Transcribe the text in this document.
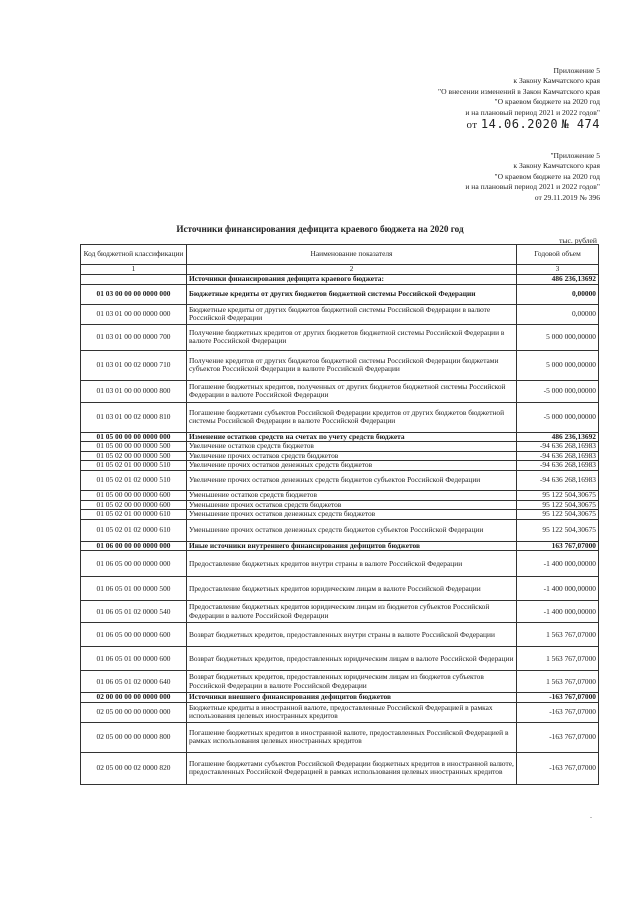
Приложение 5
к Закону Камчатского края
"О внесении изменений в Закон Камчатского края
"О краевом бюджете на 2020 год
и на плановый период 2021 и 2022 годов"
от 14.06.2020 № 474
"Приложение 5
к Закону Камчатского края
"О краевом бюджете на 2020 год
и на плановый период 2021 и 2022 годов"
от 29.11.2019 № 396
Источники финансирования дефицита краевого бюджета на 2020 год
тыс. рублей
Код бюджетной классификации	Наименование показателя	Годовой объем
1	2	3
	Источники финансирования дефицита краевого бюджета:	486 236,13692
01 03 00 00 00 0000 000	Бюджетные кредиты от других бюджетов бюджетной системы Российской Федерации	0,00000
01 03 01 00 00 0000 000	Бюджетные кредиты от других бюджетов бюджетной системы Российской Федерации в валюте Российской Федерации	0,00000
01 03 01 00 00 0000 700	Получение бюджетных кредитов от других бюджетов бюджетной системы Российской Федерации в валюте Российской Федерации	5 000 000,00000
01 03 01 00 02 0000 710	Получение кредитов от других бюджетов бюджетной системы Российской Федерации бюджетами субъектов Российской Федерации в валюте Российской Федерации	5 000 000,00000
01 03 01 00 00 0000 800	Погашение бюджетных кредитов, полученных от других бюджетов бюджетной системы Российской Федерации в валюте Российской Федерации	-5 000 000,00000
01 03 01 00 02 0000 810	Погашение бюджетами субъектов Российской Федерации кредитов от других бюджетов бюджетной системы Российской Федерации в валюте Российской Федерации	-5 000 000,00000
01 05 00 00 00 0000 000	Изменение остатков средств на счетах по учету средств бюджета	486 236,13692
01 05 00 00 00 0000 500	Увеличение остатков средств бюджетов	-94 636 268,16983
01 05 02 00 00 0000 500	Увеличение прочих остатков средств бюджетов	-94 636 268,16983
01 05 02 01 00 0000 510	Увеличение прочих остатков денежных средств бюджетов	-94 636 268,16983
01 05 02 01 02 0000 510	Увеличение прочих остатков денежных средств бюджетов субъектов Российской Федерации	-94 636 268,16983
01 05 00 00 00 0000 600	Уменьшение остатков средств бюджетов	95 122 504,30675
01 05 02 00 00 0000 600	Уменьшение прочих остатков средств бюджетов	95 122 504,30675
01 05 02 01 00 0000 610	Уменьшение прочих остатков денежных средств бюджетов	95 122 504,30675
01 05 02 01 02 0000 610	Уменьшение прочих остатков денежных средств бюджетов субъектов Российской Федерации	95 122 504,30675
01 06 00 00 00 0000 000	Иные источники внутреннего финансирования дефицитов бюджетов	163 767,07000
01 06 05 00 00 0000 000	Предоставление бюджетных кредитов внутри страны в валюте Российской Федерации	-1 400 000,00000
01 06 05 01 00 0000 500	Предоставление бюджетных кредитов юридическим лицам в валюте Российской Федерации	-1 400 000,00000
01 06 05 01 02 0000 540	Предоставление бюджетных кредитов юридическим лицам из бюджетов субъектов Российской Федерации в валюте Российской Федерации	-1 400 000,00000
01 06 05 00 00 0000 600	Возврат бюджетных кредитов, предоставленных внутри страны в валюте Российской Федерации	1 563 767,07000
01 06 05 01 00 0000 600	Возврат бюджетных кредитов, предоставленных юридическим лицам в валюте Российской Федерации	1 563 767,07000
01 06 05 01 02 0000 640	Возврат бюджетных кредитов, предоставленных юридическим лицам из бюджетов субъектов Российской Федерации в валюте Российской Федерации	1 563 767,07000
02 00 00 00 00 0000 000	Источники внешнего финансирования дефицитов бюджетов	-163 767,07000
02 05 00 00 00 0000 000	Бюджетные кредиты в иностранной валюте, предоставленные Российской Федерацией в рамках использования целевых иностранных кредитов	-163 767,07000
02 05 00 00 00 0000 800	Погашение бюджетных кредитов в иностранной валюте, предоставленных Российской Федерацией в рамках использования целевых иностранных кредитов	-163 767,07000
02 05 00 00 02 0000 820	Погашение бюджетами субъектов Российской Федерации бюджетных кредитов в иностранной валюте, предоставленных Российской Федерацией в рамках использования целевых иностранных кредитов	-163 767,07000
-
